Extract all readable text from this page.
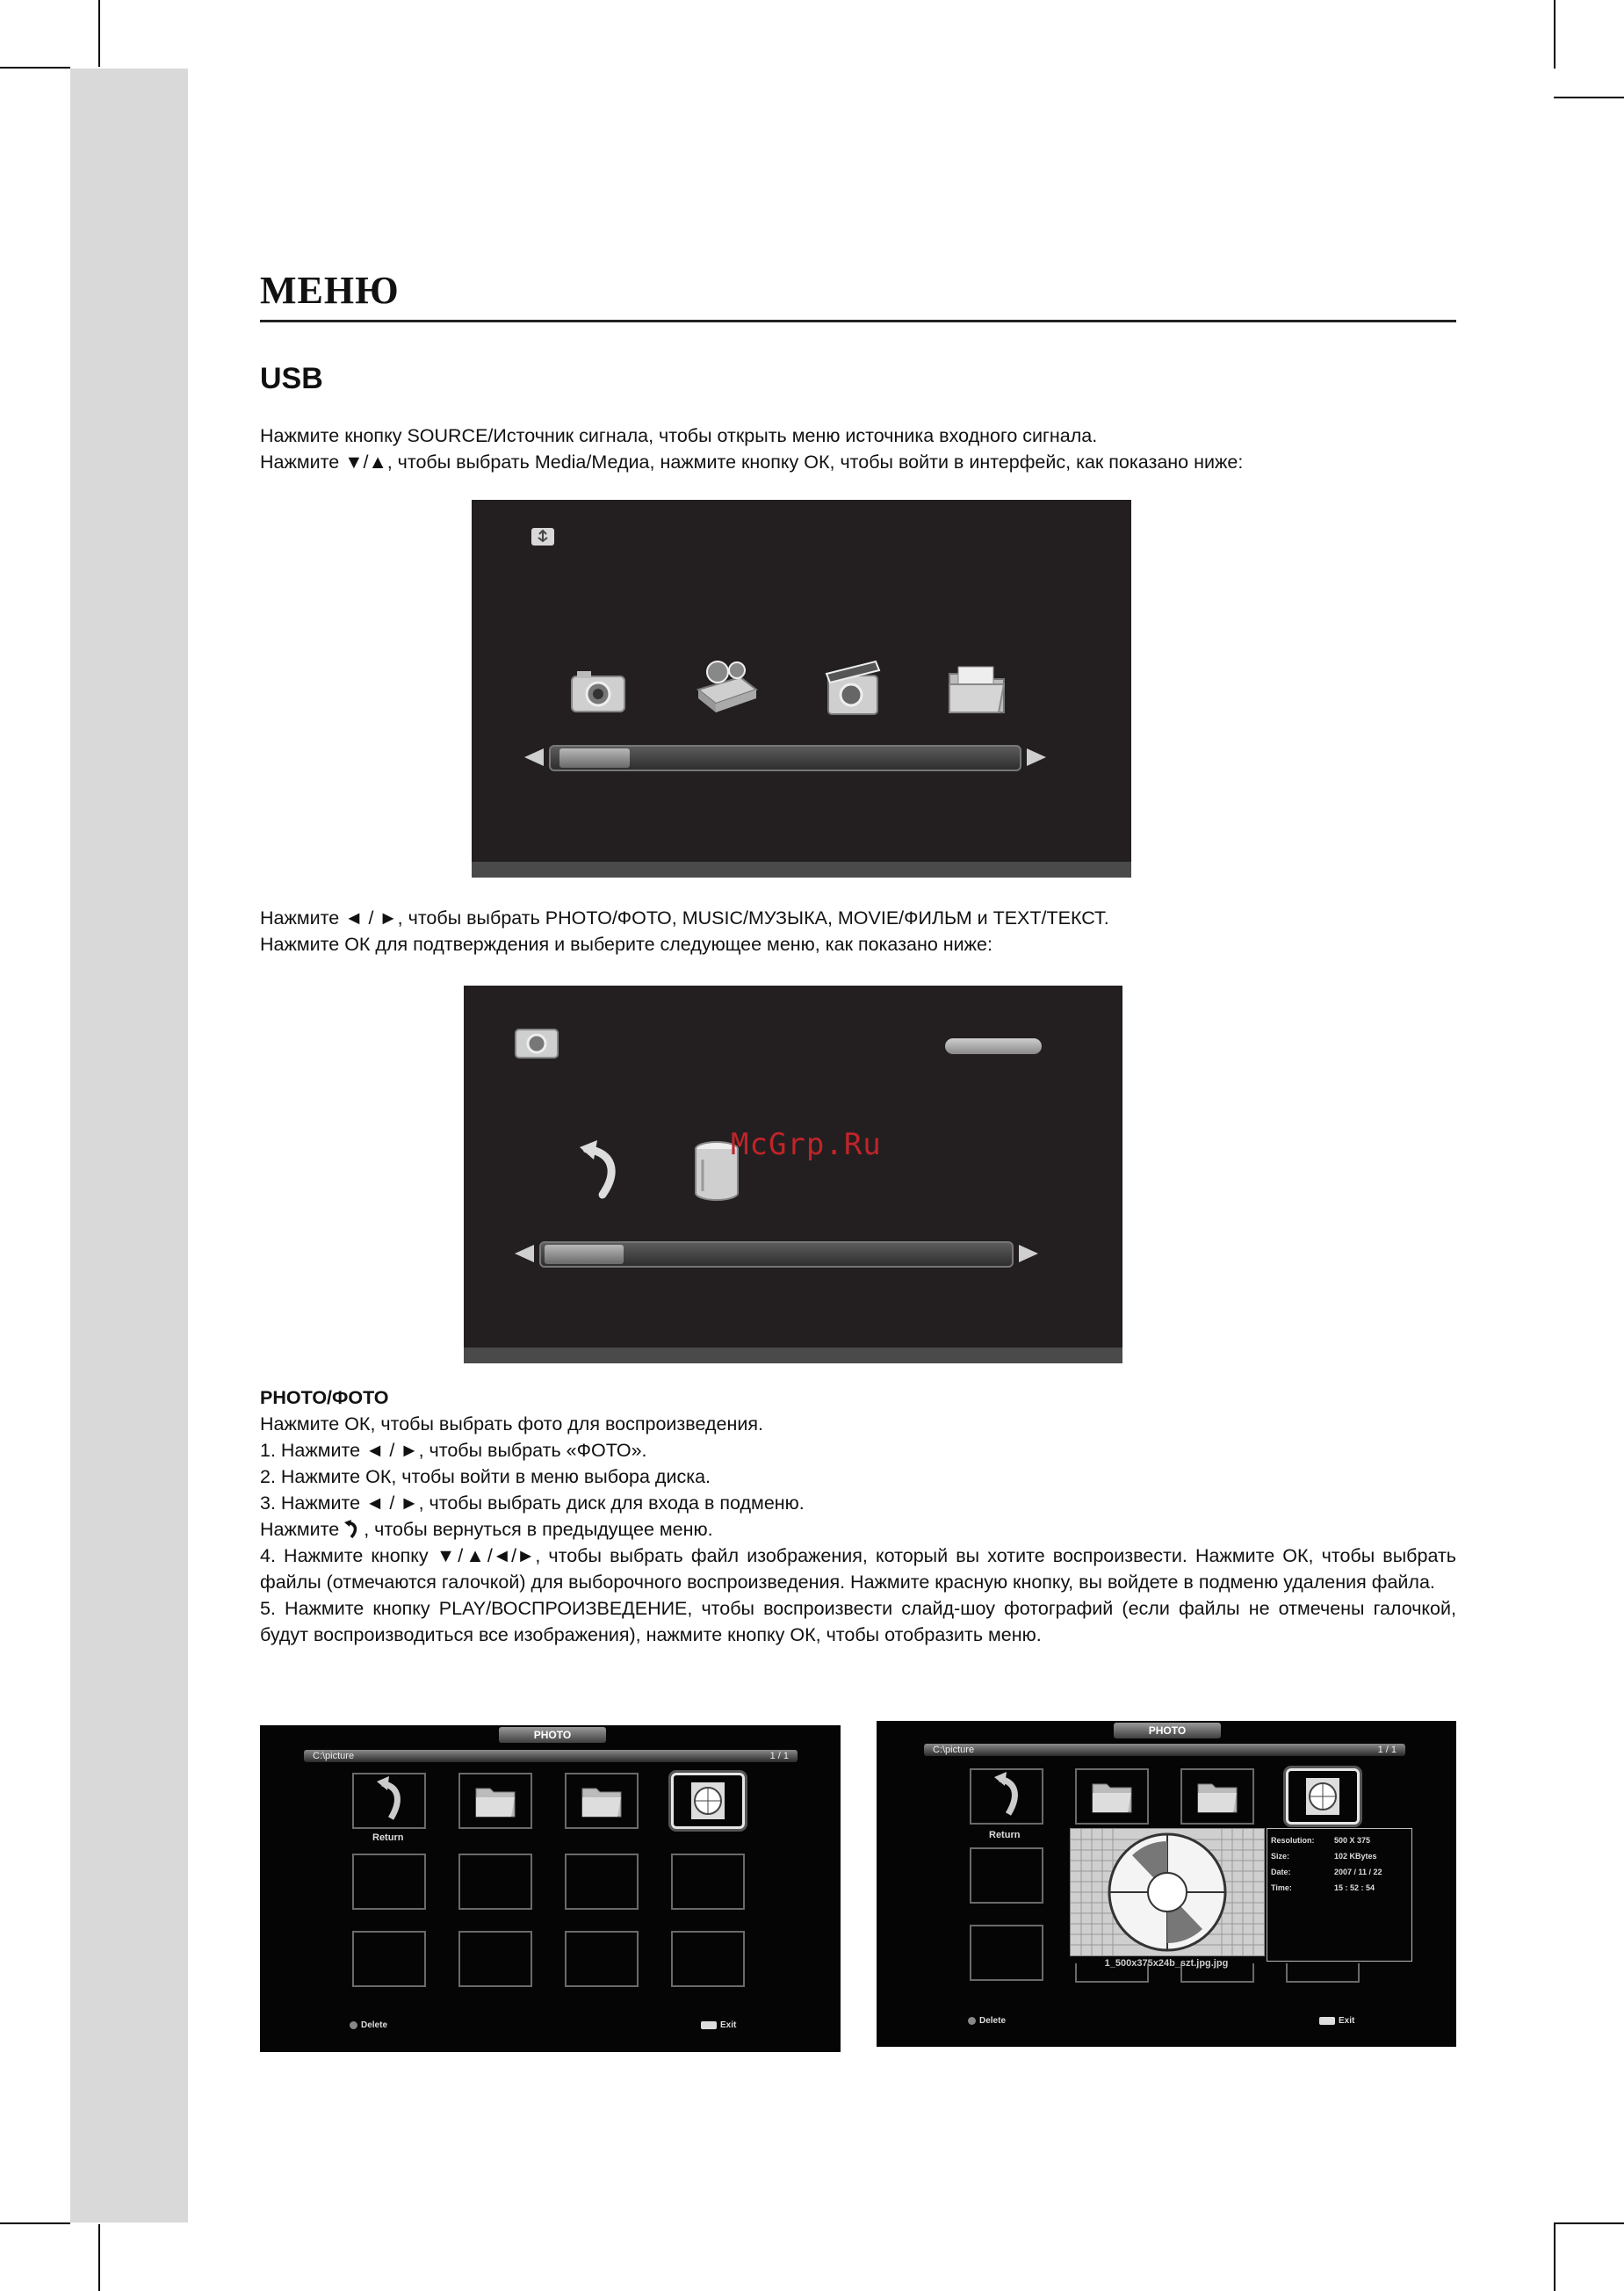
МЕНЮ
USB

Нажмите кнопку SOURCE/Источник сигнала, чтобы открыть меню источника входного сигнала.

Нажмите ▼/▲, чтобы выбрать Media/Медиа, нажмите кнопку ОК, чтобы войти в интерфейс, как показано ниже:

Нажмите ◄ / ►, чтобы выбрать PHOTO/ФОТО, MUSIC/МУЗЫКА, MOVIE/ФИЛЬМ и TEXT/ТЕКСТ.

Нажмите ОК для подтверждения и выберите следующее меню, как показано ниже:

McGrp.Ru

PHOTO/ФОТО

Нажмите ОК, чтобы выбрать фото для воспроизведения.

1. Нажмите ◄ / ►, чтобы выбрать «ФОТО».

2. Нажмите ОК, чтобы войти в меню выбора диска.

3. Нажмите ◄ / ►, чтобы выбрать диск для входа в подменю.

Нажмите , чтобы вернуться в предыдущее меню.

4. Нажмите кнопку ▼/▲/◄/►, чтобы выбрать файл изображения, который вы хотите воспроизвести. Нажмите ОК, чтобы выбрать файлы (отмечаются галочкой) для выборочного воспроизведения. Нажмите красную кнопку, вы войдете в подменю удаления файла.

5. Нажмите кнопку PLAY/ВОСПРОИЗВЕДЕНИЕ, чтобы воспроизвести слайд-шоу фотографий (если файлы не отмечены галочкой, будут воспроизводиться все изображения), нажмите кнопку ОК, чтобы отобразить меню.

PHOTO
C:\picture	1 / 1
Return
Delete	Exit
PHOTO
C:\picture	1 / 1
Return
1_500x375x24b_szt.jpg.jpg
Resolution:	500 X 375
Size:	102 KBytes
Date:	2007 / 11 / 22
Time:	15 : 52 : 54
Delete	Exit
